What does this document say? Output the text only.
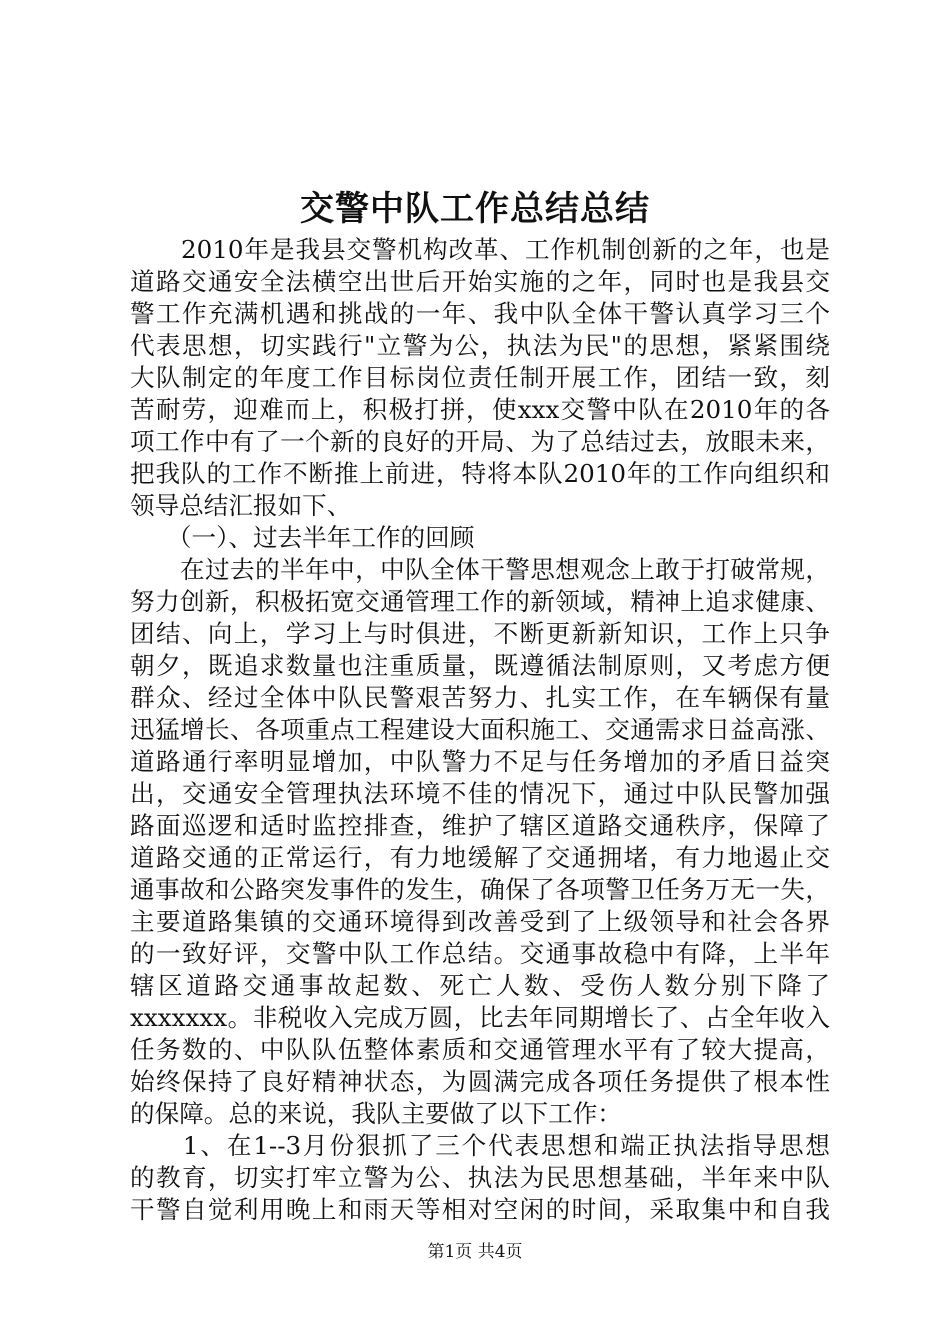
交警中队工作总结总结
　　2010年是我县交警机构改革、工作机制创新的之年，也是
道路交通安全法横空出世后开始实施的之年，同时也是我县交
警工作充满机遇和挑战的一年、我中队全体干警认真学习三个
代表思想，切实践行"立警为公，执法为民"的思想，紧紧围绕
大队制定的年度工作目标岗位责任制开展工作，团结一致，刻
苦耐劳，迎难而上，积极打拼，使xxx交警中队在2010年的各
项工作中有了一个新的良好的开局、为了总结过去，放眼未来，
把我队的工作不断推上前进，特将本队2010年的工作向组织和
领导总结汇报如下、
　　（一）、过去半年工作的回顾
　　在过去的半年中，中队全体干警思想观念上敢于打破常规，
努力创新，积极拓宽交通管理工作的新领域，精神上追求健康、
团结、向上，学习上与时俱进，不断更新新知识，工作上只争
朝夕，既追求数量也注重质量，既遵循法制原则，又考虑方便
群众、经过全体中队民警艰苦努力、扎实工作，在车辆保有量
迅猛增长、各项重点工程建设大面积施工、交通需求日益高涨、
道路通行率明显增加，中队警力不足与任务增加的矛盾日益突
出，交通安全管理执法环境不佳的情况下，通过中队民警加强
路面巡逻和适时监控排查，维护了辖区道路交通秩序，保障了
道路交通的正常运行，有力地缓解了交通拥堵，有力地遏止交
通事故和公路突发事件的发生，确保了各项警卫任务万无一失，
主要道路集镇的交通环境得到改善受到了上级领导和社会各界
的一致好评，交警中队工作总结。交通事故稳中有降，上半年
辖区道路交通事故起数、死亡人数、受伤人数分别下降了
xxxxxxx。非税收入完成万圆，比去年同期增长了、占全年收入
任务数的、中队队伍整体素质和交通管理水平有了较大提高，
始终保持了良好精神状态，为圆满完成各项任务提供了根本性
的保障。总的来说，我队主要做了以下工作：
　　1、在1--3月份狠抓了三个代表思想和端正执法指导思想
的教育，切实打牢立警为公、执法为民思想基础，半年来中队
干警自觉利用晚上和雨天等相对空闲的时间，采取集中和自我
第1页 共4页
